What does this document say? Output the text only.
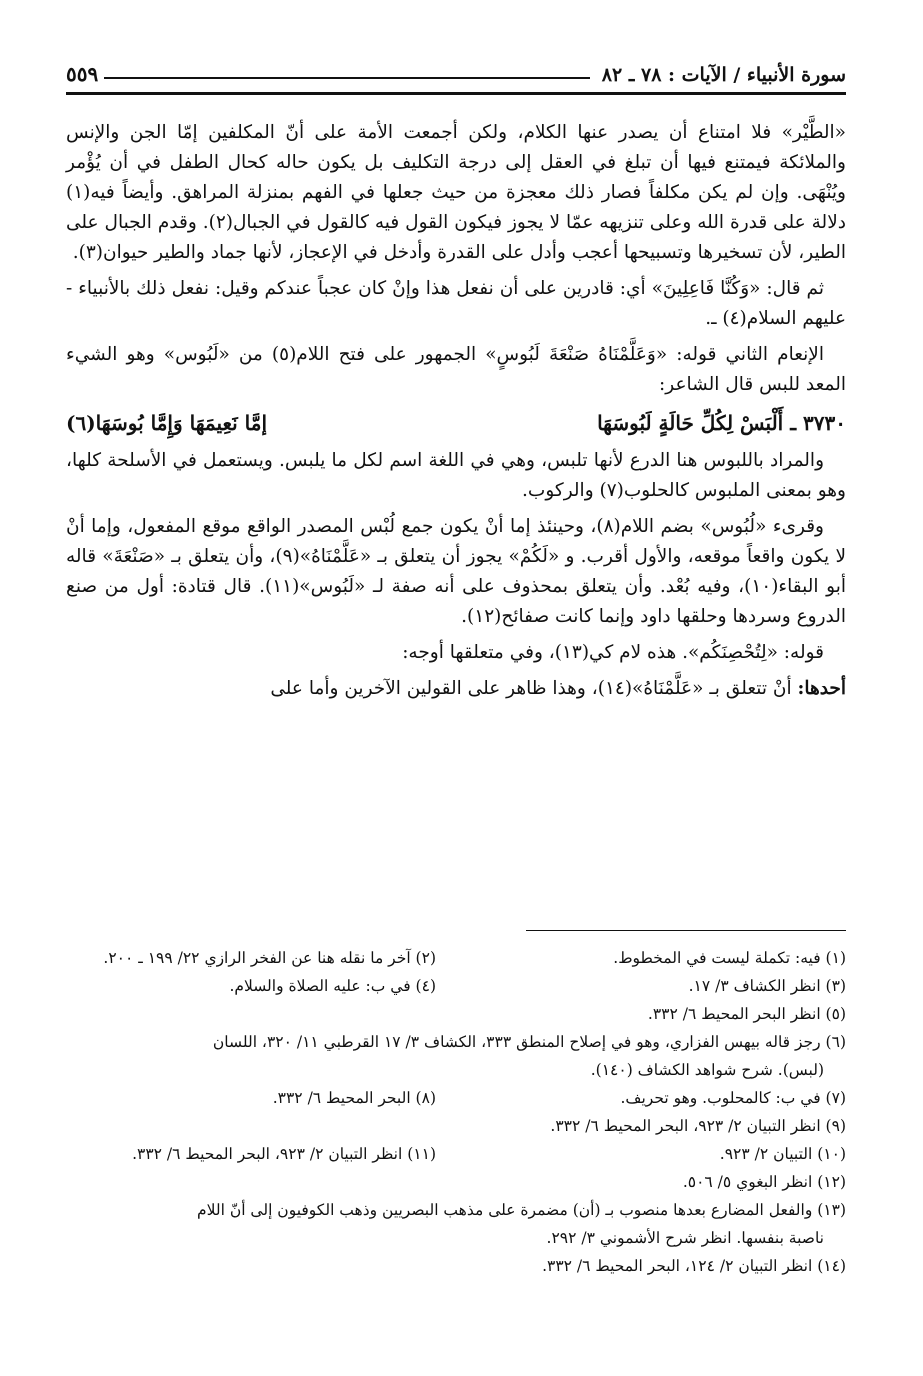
سورة الأنبياء / الآيات : ٧٨ ـ ٨٢
٥٥٩

«الطَّيْر» فلا امتناع أن يصدر عنها الكلام، ولكن أجمعت الأمة على أنّ المكلفين إمّا الجن والإنس والملائكة فيمتنع فيها أن تبلغ في العقل إلى درجة التكليف بل يكون حاله كحال الطفل في أن يُؤْمر ويُنْهَى. وإن لم يكن مكلفاً فصار ذلك معجزة من حيث جعلها في الفهم بمنزلة المراهق. وأيضاً فيه(١) دلالة على قدرة الله وعلى تنزيهه عمّا لا يجوز فيكون القول فيه كالقول في الجبال(٢). وقدم الجبال على الطير، لأن تسخيرها وتسبيحها أعجب وأدل على القدرة وأدخل في الإعجاز، لأنها جماد والطير حيوان(٣).

ثم قال: «وَكُنَّا فَاعِلِينَ» أي: قادرين على أن نفعل هذا وإنْ كان عجباً عندكم وقيل: نفعل ذلك بالأنبياء - عليهم السلام(٤) ـ.

الإنعام الثاني قوله: «وَعَلَّمْنَاهُ صَنْعَةَ لَبُوسٍ» الجمهور على فتح اللام(٥) من «لَبُوس» وهو الشيء المعد للبس قال الشاعر:

٣٧٣٠ ـ أَلْبَسْ لِكُلِّ حَالَةٍ لَبُوسَهَا
إمَّا نَعِيمَهَا وَإِمَّا بُوسَهَا(٦)

والمراد باللبوس هنا الدرع لأنها تلبس، وهي في اللغة اسم لكل ما يلبس. ويستعمل في الأسلحة كلها، وهو بمعنى الملبوس كالحلوب(٧) والركوب.

وقرىء «لُبُوس» بضم اللام(٨)، وحينئذ إما أنْ يكون جمع لُبْس المصدر الواقع موقع المفعول، وإما أنْ لا يكون واقعاً موقعه، والأول أقرب. و «لَكُمْ» يجوز أن يتعلق بـ «عَلَّمْنَاهُ»(٩)، وأن يتعلق بـ «صَنْعَةَ» قاله أبو البقاء(١٠)، وفيه بُعْد. وأن يتعلق بمحذوف على أنه صفة لـ «لَبُوس»(١١). قال قتادة: أول من صنع الدروع وسردها وحلقها داود وإنما كانت صفائح(١٢).

قوله: «لِتُحْصِنَكُم». هذه لام كي(١٣)، وفي متعلقها أوجه:

أحدها: أنْ تتعلق بـ «عَلَّمْنَاهُ»(١٤)، وهذا ظاهر على القولين الآخرين وأما على

(١) فيه: تكملة ليست في المخطوط.
(٢) آخر ما نقله هنا عن الفخر الرازي ٢٢/ ١٩٩ ـ ٢٠٠.
(٣) انظر الكشاف ٣/ ١٧.
(٤) في ب: عليه الصلاة والسلام.
(٥) انظر البحر المحيط ٦/ ٣٣٢.
(٦) رجز قاله بيهس الفزاري، وهو في إصلاح المنطق ٣٣٣، الكشاف ٣/ ١٧ القرطبي ١١/ ٣٢٠، اللسان
(لبس). شرح شواهد الكشاف (١٤٠).
(٧) في ب: كالمحلوب. وهو تحريف.
(٨) البحر المحيط ٦/ ٣٣٢.
(٩) انظر التبيان ٢/ ٩٢٣، البحر المحيط ٦/ ٣٣٢.
(١٠) التبيان ٢/ ٩٢٣.
(١١) انظر التبيان ٢/ ٩٢٣، البحر المحيط ٦/ ٣٣٢.
(١٢) انظر البغوي ٥/ ٥٠٦.
(١٣) والفعل المضارع بعدها منصوب بـ (أن) مضمرة على مذهب البصريين وذهب الكوفيون إلى أنّ اللام
ناصبة بنفسها. انظر شرح الأشموني ٣/ ٢٩٢.
(١٤) انظر التبيان ٢/ ١٢٤، البحر المحيط ٦/ ٣٣٢.
